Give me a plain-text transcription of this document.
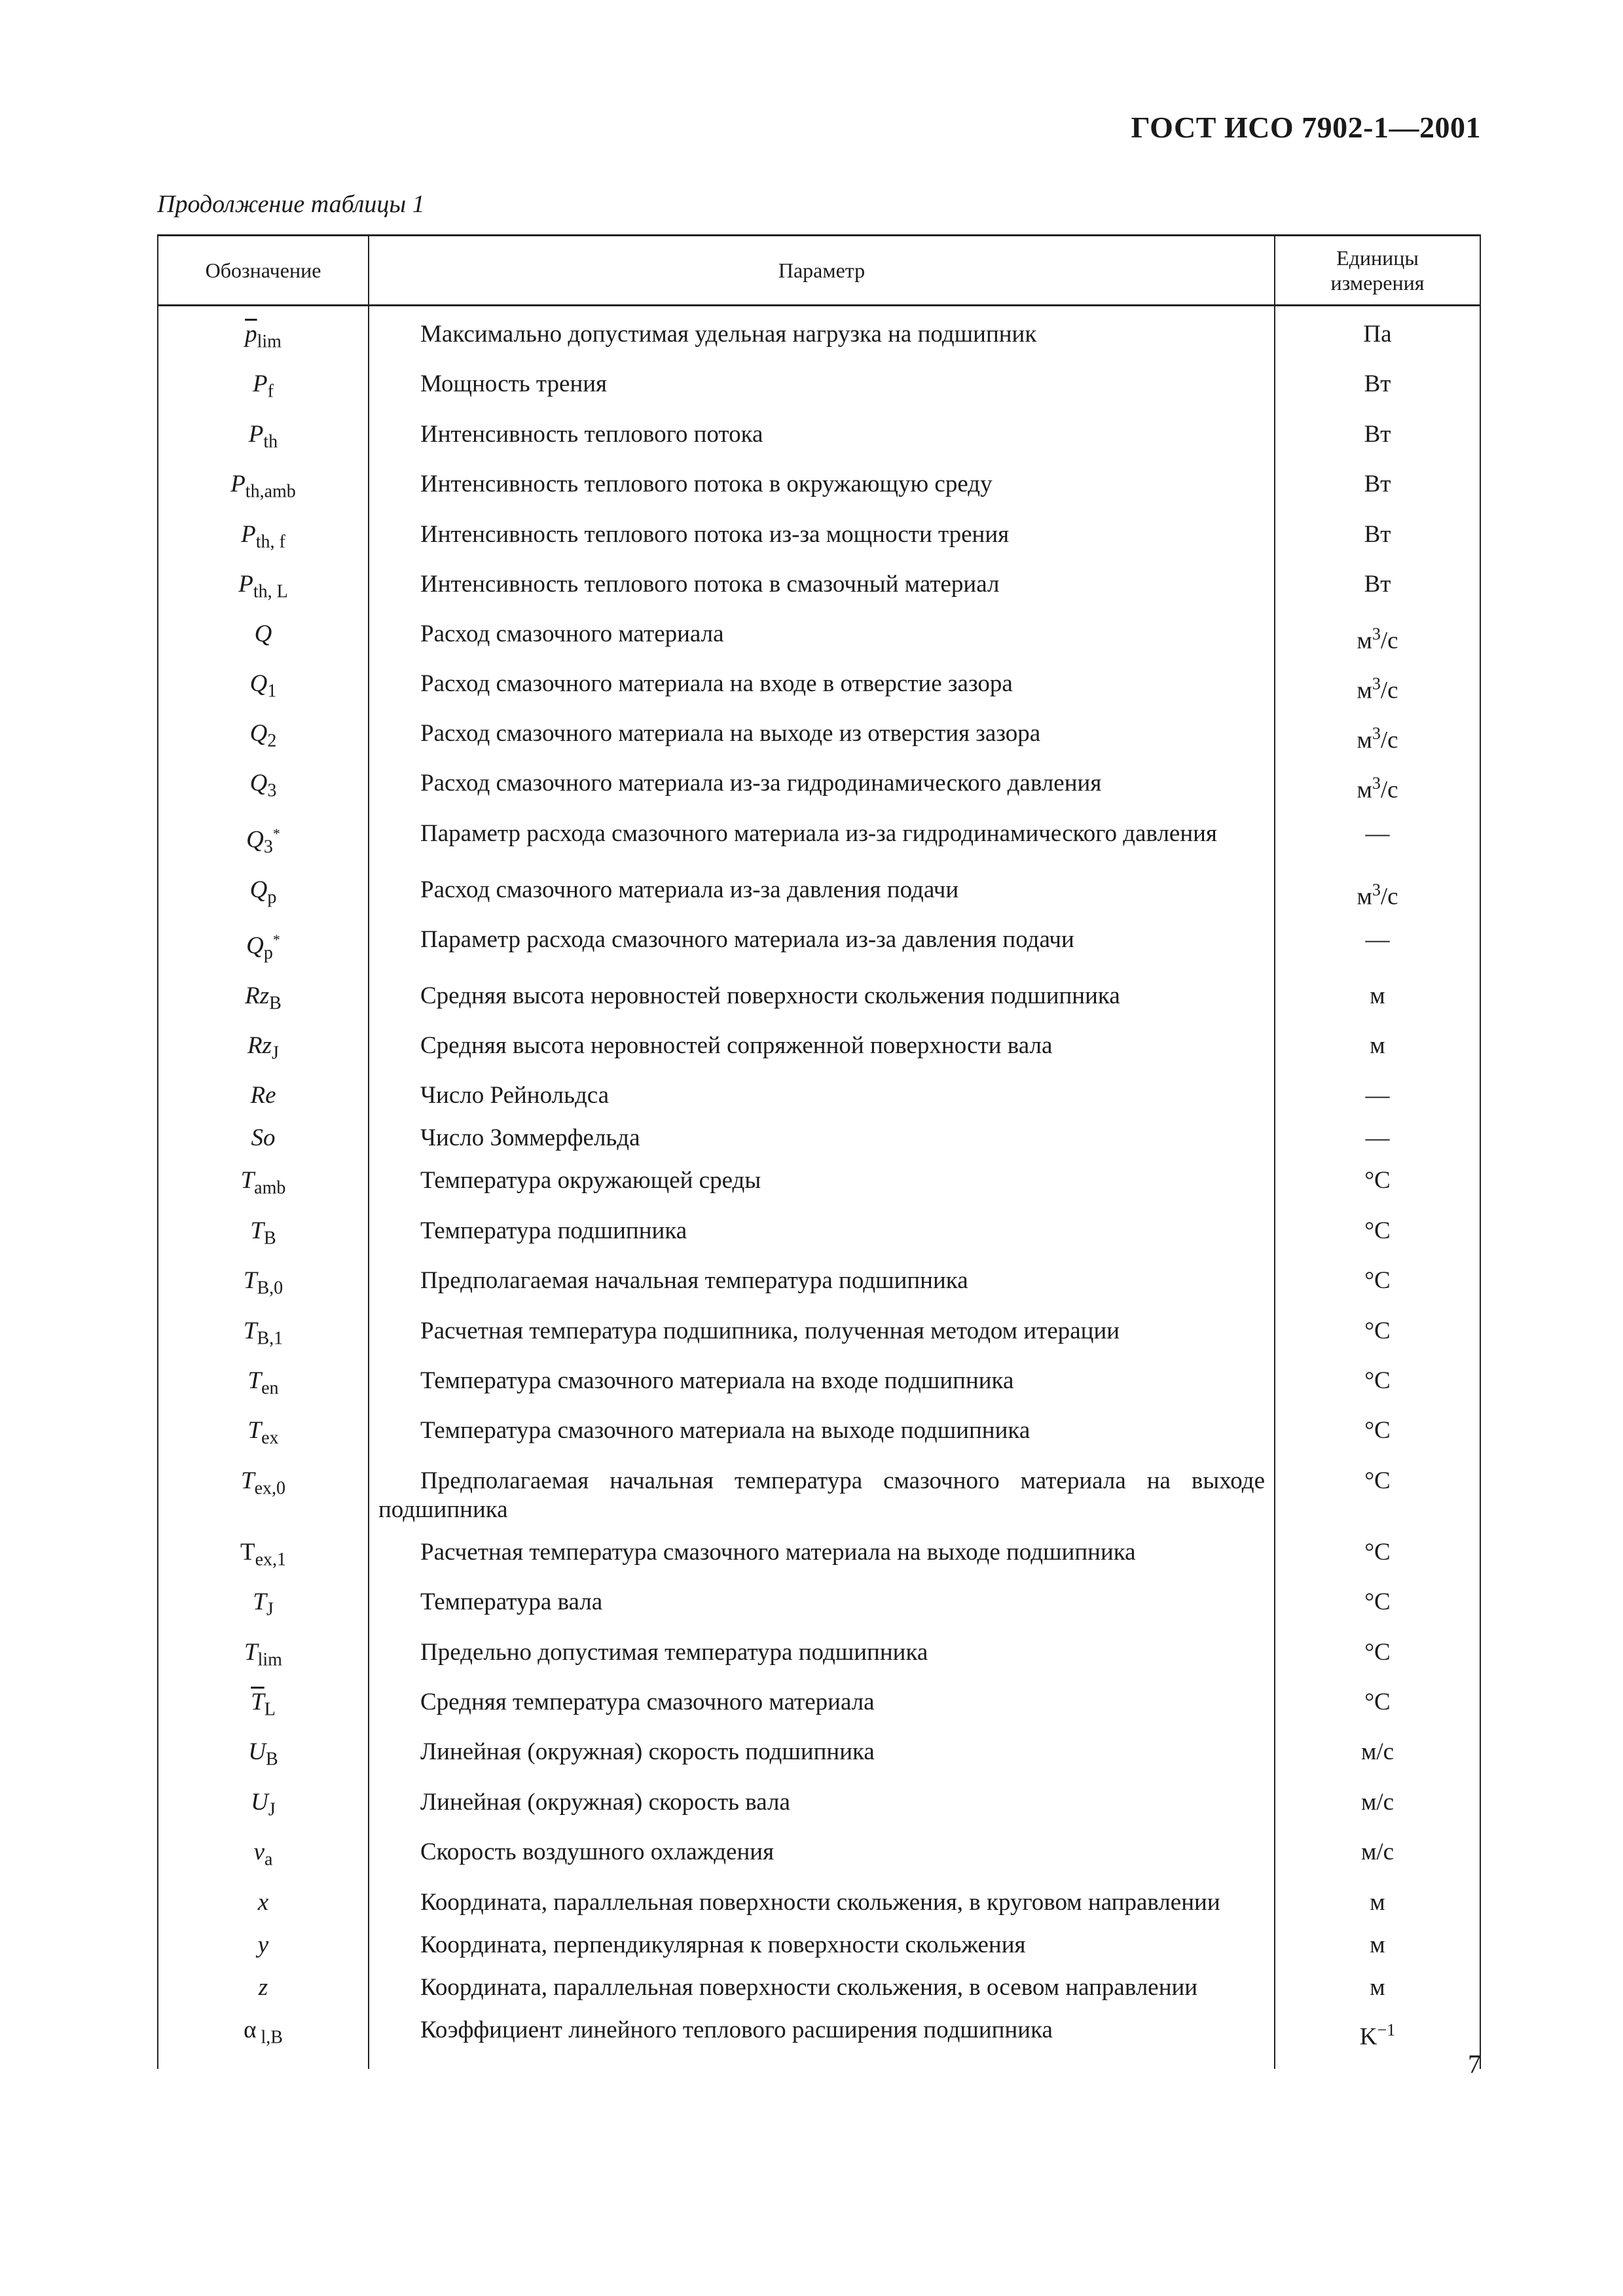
ГОСТ ИСО 7902-1—2001
Продолжение таблицы 1
Обозначение	Параметр	Единицы
измерения
$\overline{p}_{lim}$	Максимально допустимая удельная нагрузка на подшипник	Па
$P_f$	Мощность трения	Вт
$P_{th}$	Интенсивность теплового потока	Вт
$P_{th,amb}$	Интенсивность теплового потока в окружающую среду	Вт
$P_{th, f}$	Интенсивность теплового потока из-за мощности трения	Вт
$P_{th, L}$	Интенсивность теплового потока в смазочный материал	Вт
Q	Расход смазочного материала	$м^3/с$
$Q_1$	Расход смазочного материала на входе в отверстие зазора	$м^3/с$
$Q_2$	Расход смазочного материала на выходе из отверстия зазора	$м^3/с$
$Q_3$	Расход смазочного материала из-за гидродинамического давления	$м^3/с$
$Q_3^*$	Параметр расхода смазочного материала из-за гидродинамического давления	—
$Q_p$	Расход смазочного материала из-за давления подачи	$м^3/с$
$Q_p^*$	Параметр расхода смазочного материала из-за давления подачи	—
$Rz_B$	Средняя высота неровностей поверхности скольжения подшипника	м
$Rz_J$	Средняя высота неровностей сопряженной поверхности вала	м
Re	Число Рейнольдса	—
So	Число Зоммерфельда	—
$T_{amb}$	Температура окружающей среды	°C
$T_B$	Температура подшипника	°C
$T_{B,0}$	Предполагаемая начальная температура подшипника	°C
$T_{B,1}$	Расчетная температура подшипника, полученная методом итерации	°C
$T_{en}$	Температура смазочного материала на входе подшипника	°C
$T_{ex}$	Температура смазочного материала на выходе подшипника	°C
$T_{ex,0}$	Предполагаемая начальная температура смазочного материала на выходе подшипника	°C
$T_{ex,1}$	Расчетная температура смазочного материала на выходе подшипника	°C
$T_J$	Температура вала	°C
$T_{lim}$	Предельно допустимая температура подшипника	°C
$\overline{T}_L$	Средняя температура смазочного материала	°C
$U_B$	Линейная (окружная) скорость подшипника	м/с
$U_J$	Линейная (окружная) скорость вала	м/с
$v_a$	Скорость воздушного охлаждения	м/с
x	Координата, параллельная поверхности скольжения, в круговом направлении	м
y	Координата, перпендикулярная к поверхности скольжения	м
z	Координата, параллельная поверхности скольжения, в осевом направлении	м
α $_{l,B}$	Коэффициент линейного теплового расширения подшипника	$K^{-1}$
7
